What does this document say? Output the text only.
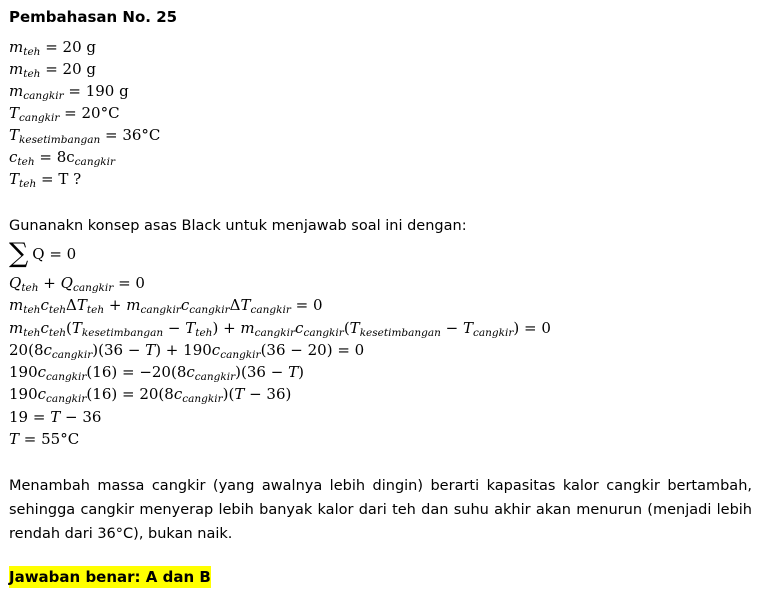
Pembahasan No. 25
$m_{teh} = 20$ g
$m_{teh} = 20$ g
$m_{cangkir} = 190$ g
$T_{cangkir} = 20^\circ C$
$T_{kesetimbangan} = 36^\circ C$
$c_{teh} = 8c_{cangkir}$
$T_{teh} = T$ ?
Gunanakn konsep asas Black untuk menjawab soal ini dengan:
∑ Q = 0
$Q_{teh} + Q_{cangkir} = 0$
$m_{teh}c_{teh}\Delta T_{teh} + m_{cangkir}c_{cangkir}\Delta T_{cangkir} = 0$
$m_{teh}c_{teh}(T_{kesetimbangan} - T_{teh}) + m_{cangkir}c_{cangkir}(T_{kesetimbangan} - T_{cangkir}) = 0$
$20(8c_{cangkir})(36 - T) + 190c_{cangkir}(36 - 20) = 0$
$190c_{cangkir}(16) = -20(8c_{cangkir})(36 - T)$
$190c_{cangkir}(16) = 20(8c_{cangkir})(T - 36)$
19 = T − 36
T = 55°C

Menambah massa cangkir (yang awalnya lebih dingin) berarti kapasitas kalor cangkir bertambah, sehingga cangkir menyerap lebih banyak kalor dari teh dan suhu akhir akan menurun (menjadi lebih rendah dari 36°C), bukan naik.

Jawaban benar: A dan B
